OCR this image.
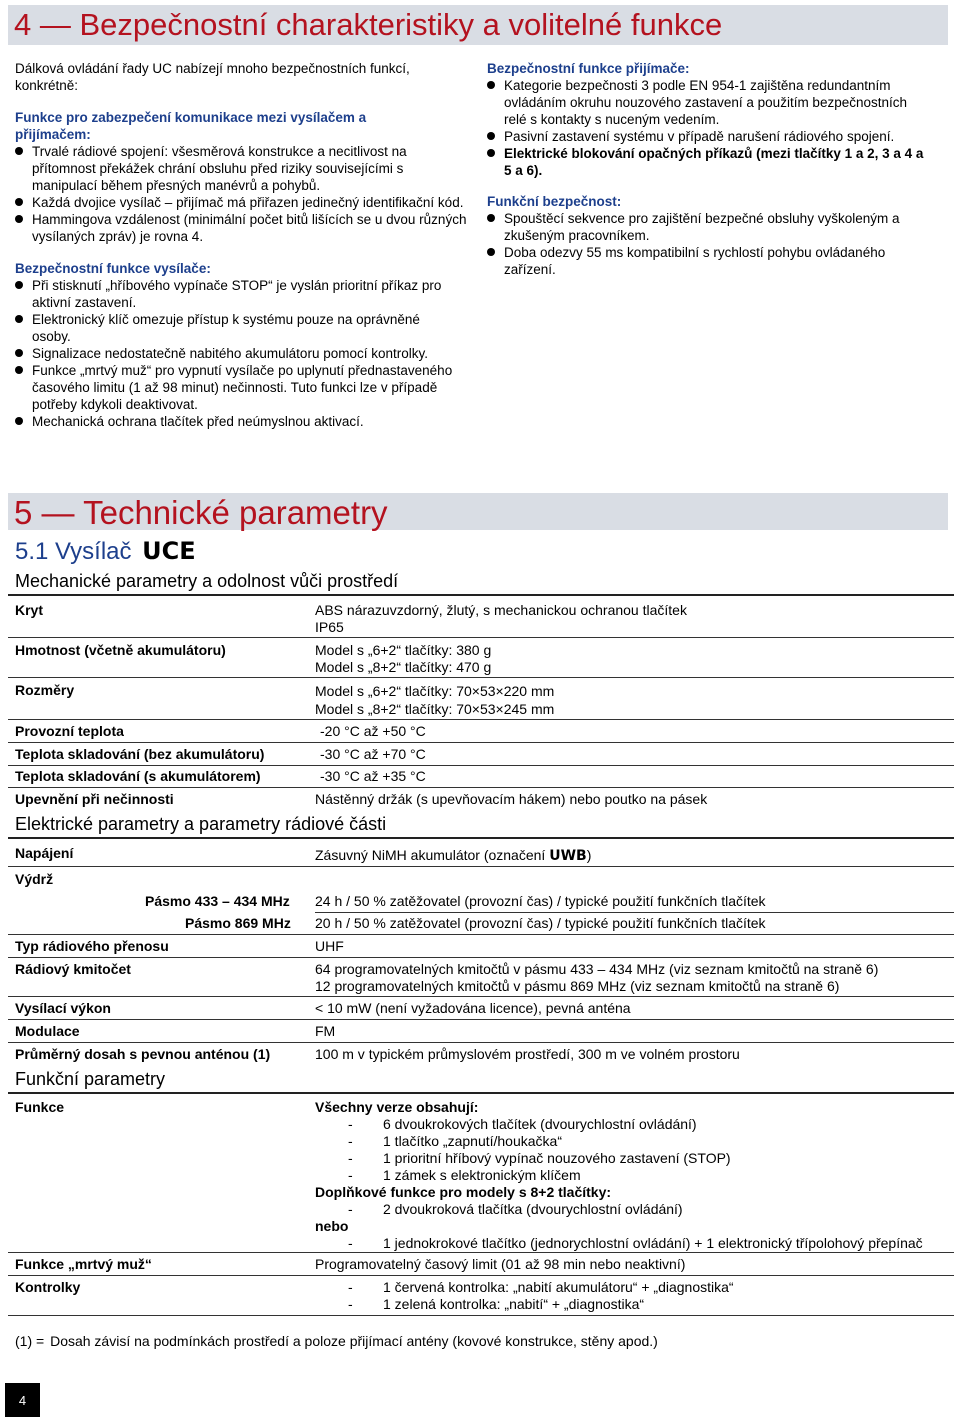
4 — Bezpečnostní charakteristiky a volitelné funkce

Dálková ovládání řady UC nabízejí mnoho bezpečnostních funkcí, konkrétně:

Funkce pro zabezpečení komunikace mezi vysílačem a přijímačem:

Trvalé rádiové spojení: všesměrová konstrukce a necitlivost na přítomnost překážek chrání obsluhu před riziky souvisejícími s manipulací během přesných manévrů a pohybů.

Každá dvojice vysílač – přijímač má přiřazen jedinečný identifikační kód.

Hammingova vzdálenost (minimální počet bitů lišících se u dvou různých vysílaných zpráv) je rovna 4.

Bezpečnostní funkce vysílače:

Při stisknutí „hříbového vypínače STOP“ je vyslán prioritní příkaz pro aktivní zastavení.

Elektronický klíč omezuje přístup k systému pouze na oprávněné osoby.

Signalizace nedostatečně nabitého akumulátoru pomocí kontrolky.

Funkce „mrtvý muž“ pro vypnutí vysílače po uplynutí přednastaveného časového limitu (1 až 98 minut) nečinnosti. Tuto funkci lze v případě potřeby kdykoli deaktivovat.

Mechanická ochrana tlačítek před neúmyslnou aktivací.

Bezpečnostní funkce přijímače:

Kategorie bezpečnosti 3 podle EN 954-1 zajištěna redundantním ovládáním okruhu nouzového zastavení a použitím bezpečnostních relé s kontakty s nuceným vedením.

Pasivní zastavení systému v případě narušení rádiového spojení.

Elektrické blokování opačných příkazů (mezi tlačítky 1 a 2, 3 a 4 a 5 a 6).

Funkční bezpečnost:

Spouštěcí sekvence pro zajištění bezpečné obsluhy vyškoleným a zkušeným pracovníkem.

Doba odezvy 55 ms kompatibilní s rychlostí pohybu ovládaného zařízení.

5 — Technické parametry
5.1 Vysílač UCE
Mechanické parametry a odolnost vůči prostředí
Kryt	ABS nárazuvzdorný, žlutý, s mechanickou ochranou tlačítek
IP65
Hmotnost (včetně akumulátoru)	Model s „6+2“ tlačítky: 380 g
Model s „8+2“ tlačítky: 470 g
Rozměry	Model s „6+2“ tlačítky: 70×53×220 mm
Model s „8+2“ tlačítky: 70×53×245 mm
Provozní teplota	-20 °C až +50 °C
Teplota skladování (bez akumulátoru)	-30 °C až +70 °C
Teplota skladování (s akumulátorem)	-30 °C až +35 °C
Upevnění při nečinnosti	Nástěnný držák (s upevňovacím hákem) nebo poutko na pásek
Elektrické parametry a parametry rádiové části
Napájení	Zásuvný NiMH akumulátor (označení UWB)
Výdrž
Pásmo 433 – 434 MHz 24 h / 50 % zatěžovatel (provozní čas) / typické použití funkčních tlačítek
Pásmo 869 MHz 20 h / 50 % zatěžovatel (provozní čas) / typické použití funkčních tlačítek
Typ rádiového přenosu	UHF
Rádiový kmitočet	64 programovatelných kmitočtů v pásmu 433 – 434 MHz (viz seznam kmitočtů na straně 6)
12 programovatelných kmitočtů v pásmu 869 MHz (viz seznam kmitočtů na straně 6)
Vysílací výkon	< 10 mW (není vyžadována licence), pevná anténa
Modulace	FM
Průměrný dosah s pevnou anténou (1)	100 m v typickém průmyslovém prostředí, 300 m ve volném prostoru
Funkční parametry
Funkce	Všechny verze obsahují:
- 6 dvoukrokových tlačítek (dvourychlostní ovládání)
- 1 tlačítko „zapnutí/houkačka“
- 1 prioritní hříbový vypínač nouzového zastavení (STOP)
- 1 zámek s elektronickým klíčem
Doplňkové funkce pro modely s 8+2 tlačítky:
- 2 dvoukroková tlačítka (dvourychlostní ovládání)
nebo
- 1 jednokrokové tlačítko (jednorychlostní ovládání) + 1 elektronický třípolohový přepínač
Funkce „mrtvý muž“	Programovatelný časový limit (01 až 98 min nebo neaktivní)
Kontrolky
-	1 červená kontrolka: „nabití akumulátoru“ + „diagnostika“
- 1 zelená kontrolka: „nabití“ + „diagnostika“
(1) = Dosah závisí na podmínkách prostředí a poloze přijímací antény (kovové konstrukce, stěny apod.)
4
